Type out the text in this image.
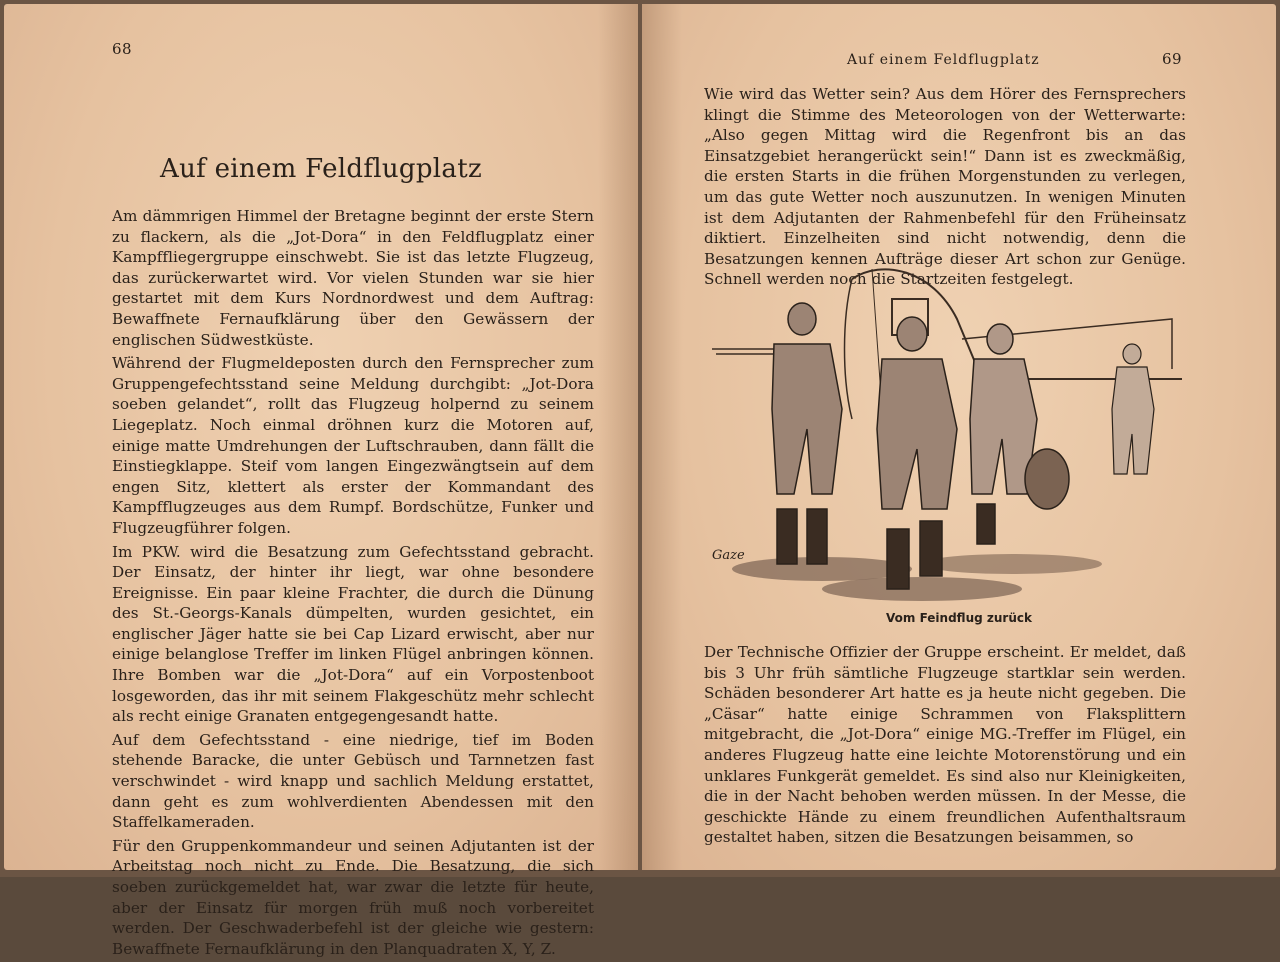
68
Auf einem Feldflugplatz

Am dämmrigen Himmel der Bretagne beginnt der erste Stern zu flackern, als die „Jot-Dora“ in den Feldflugplatz einer Kampffliegergruppe einschwebt. Sie ist das letzte Flugzeug, das zurückerwartet wird. Vor vielen Stunden war sie hier gestartet mit dem Kurs Nordnordwest und dem Auftrag: Bewaffnete Fernaufklärung über den Gewässern der englischen Südwestküste.

Während der Flugmeldeposten durch den Fernsprecher zum Gruppengefechtsstand seine Meldung durchgibt: „Jot-Dora soeben gelandet“, rollt das Flugzeug holpernd zu seinem Liegeplatz. Noch einmal dröhnen kurz die Motoren auf, einige matte Umdrehungen der Luftschrauben, dann fällt die Einstiegklappe. Steif vom langen Eingezwängtsein auf dem engen Sitz, klettert als erster der Kommandant des Kampfflugzeuges aus dem Rumpf. Bordschütze, Funker und Flugzeugführer folgen.

Im PKW. wird die Besatzung zum Gefechtsstand gebracht. Der Einsatz, der hinter ihr liegt, war ohne besondere Ereignisse. Ein paar kleine Frachter, die durch die Dünung des St.-Georgs-Kanals dümpelten, wurden gesichtet, ein englischer Jäger hatte sie bei Cap Lizard erwischt, aber nur einige belanglose Treffer im linken Flügel anbringen können. Ihre Bomben war die „Jot-Dora“ auf ein Vorpostenboot losgeworden, das ihr mit seinem Flakgeschütz mehr schlecht als recht einige Granaten entgegengesandt hatte.

Auf dem Gefechtsstand - eine niedrige, tief im Boden stehende Baracke, die unter Gebüsch und Tarnnetzen fast verschwindet - wird knapp und sachlich Meldung erstattet, dann geht es zum wohlverdienten Abendessen mit den Staffelkameraden.

Für den Gruppenkommandeur und seinen Adjutanten ist der Arbeitstag noch nicht zu Ende. Die Besatzung, die sich soeben zurückgemeldet hat, war zwar die letzte für heute, aber der Einsatz für morgen früh muß noch vorbereitet werden. Der Geschwaderbefehl ist der gleiche wie gestern: Bewaffnete Fernaufklärung in den Planquadraten X, Y, Z.

Auf einem Feldflugplatz	69

Wie wird das Wetter sein? Aus dem Hörer des Fernsprechers klingt die Stimme des Meteorologen von der Wetterwarte: „Also gegen Mittag wird die Regenfront bis an das Einsatzgebiet herangerückt sein!“ Dann ist es zweckmäßig, die ersten Starts in die frühen Morgenstunden zu verlegen, um das gute Wetter noch auszunutzen. In wenigen Minuten ist dem Adjutanten der Rahmenbefehl für den Früheinsatz diktiert. Einzelheiten sind nicht notwendig, denn die Besatzungen kennen Aufträge dieser Art schon zur Genüge. Schnell werden noch die Startzeiten festgelegt.

Gaze
Vom Feindflug zurück

Der Technische Offizier der Gruppe erscheint. Er meldet, daß bis 3 Uhr früh sämtliche Flugzeuge startklar sein werden. Schäden besonderer Art hatte es ja heute nicht gegeben. Die „Cäsar“ hatte einige Schrammen von Flaksplittern mitgebracht, die „Jot-Dora“ einige MG.-Treffer im Flügel, ein anderes Flugzeug hatte eine leichte Motorenstörung und ein unklares Funkgerät gemeldet. Es sind also nur Kleinigkeiten, die in der Nacht behoben werden müssen. In der Messe, die geschickte Hände zu einem freundlichen Aufenthaltsraum gestaltet haben, sitzen die Besatzungen beisammen, so
